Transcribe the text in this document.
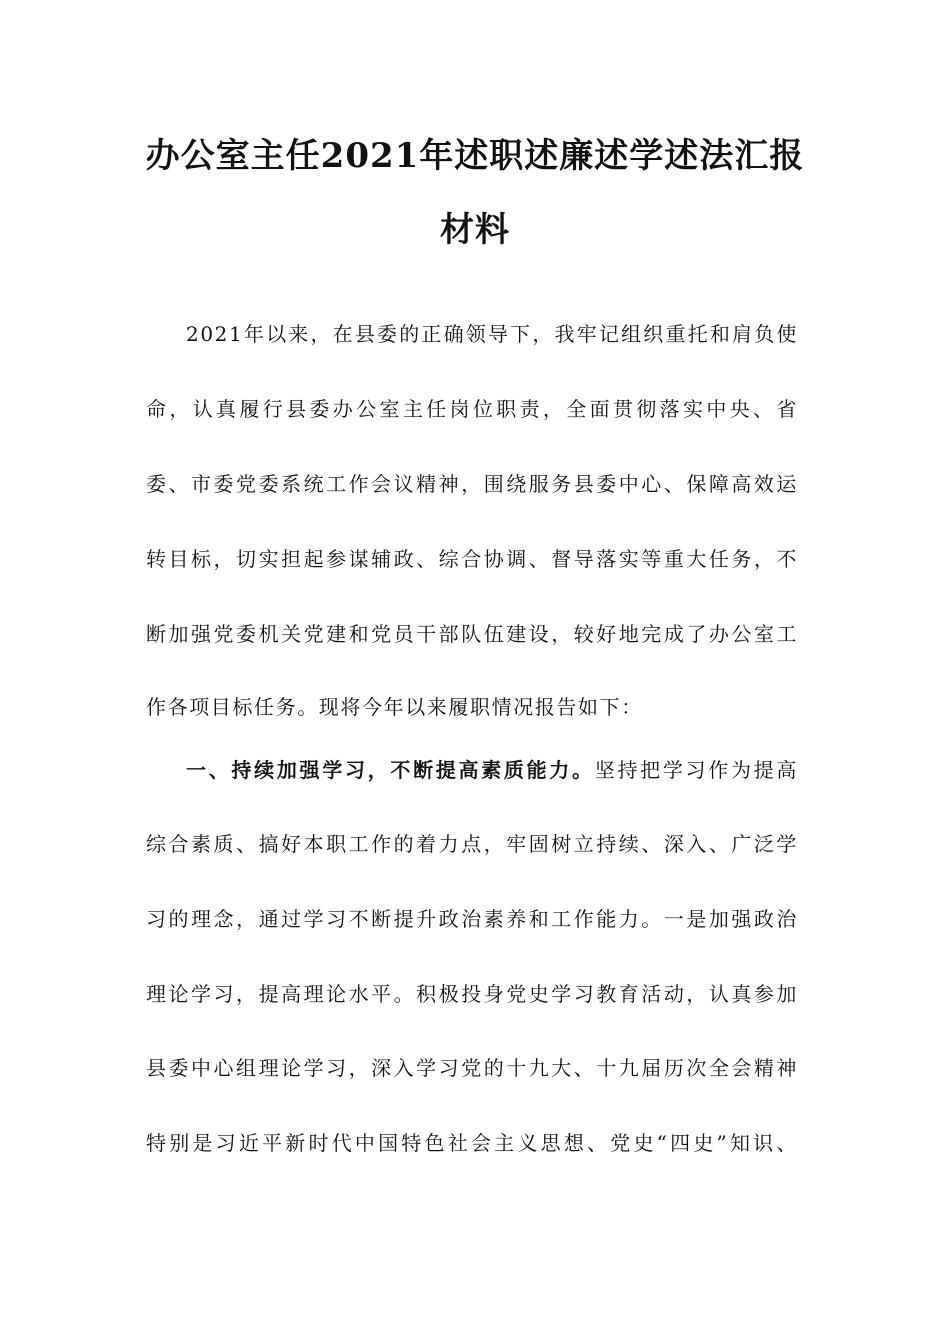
办公室主任2021年述职述廉述学述法汇报
材料
2021年以来，在县委的正确领导下，我牢记组织重托和肩负使
命，认真履行县委办公室主任岗位职责，全面贯彻落实中央、省
委、市委党委系统工作会议精神，围绕服务县委中心、保障高效运
转目标，切实担起参谋辅政、综合协调、督导落实等重大任务，不
断加强党委机关党建和党员干部队伍建设，较好地完成了办公室工
作各项目标任务。现将今年以来履职情况报告如下：
一、持续加强学习，不断提高素质能力。坚持把学习作为提高
综合素质、搞好本职工作的着力点，牢固树立持续、深入、广泛学
习的理念，通过学习不断提升政治素养和工作能力。一是加强政治
理论学习，提高理论水平。积极投身党史学习教育活动，认真参加
县委中心组理论学习，深入学习党的十九大、十九届历次全会精神
特别是习近平新时代中国特色社会主义思想、党史“四史”知识、
